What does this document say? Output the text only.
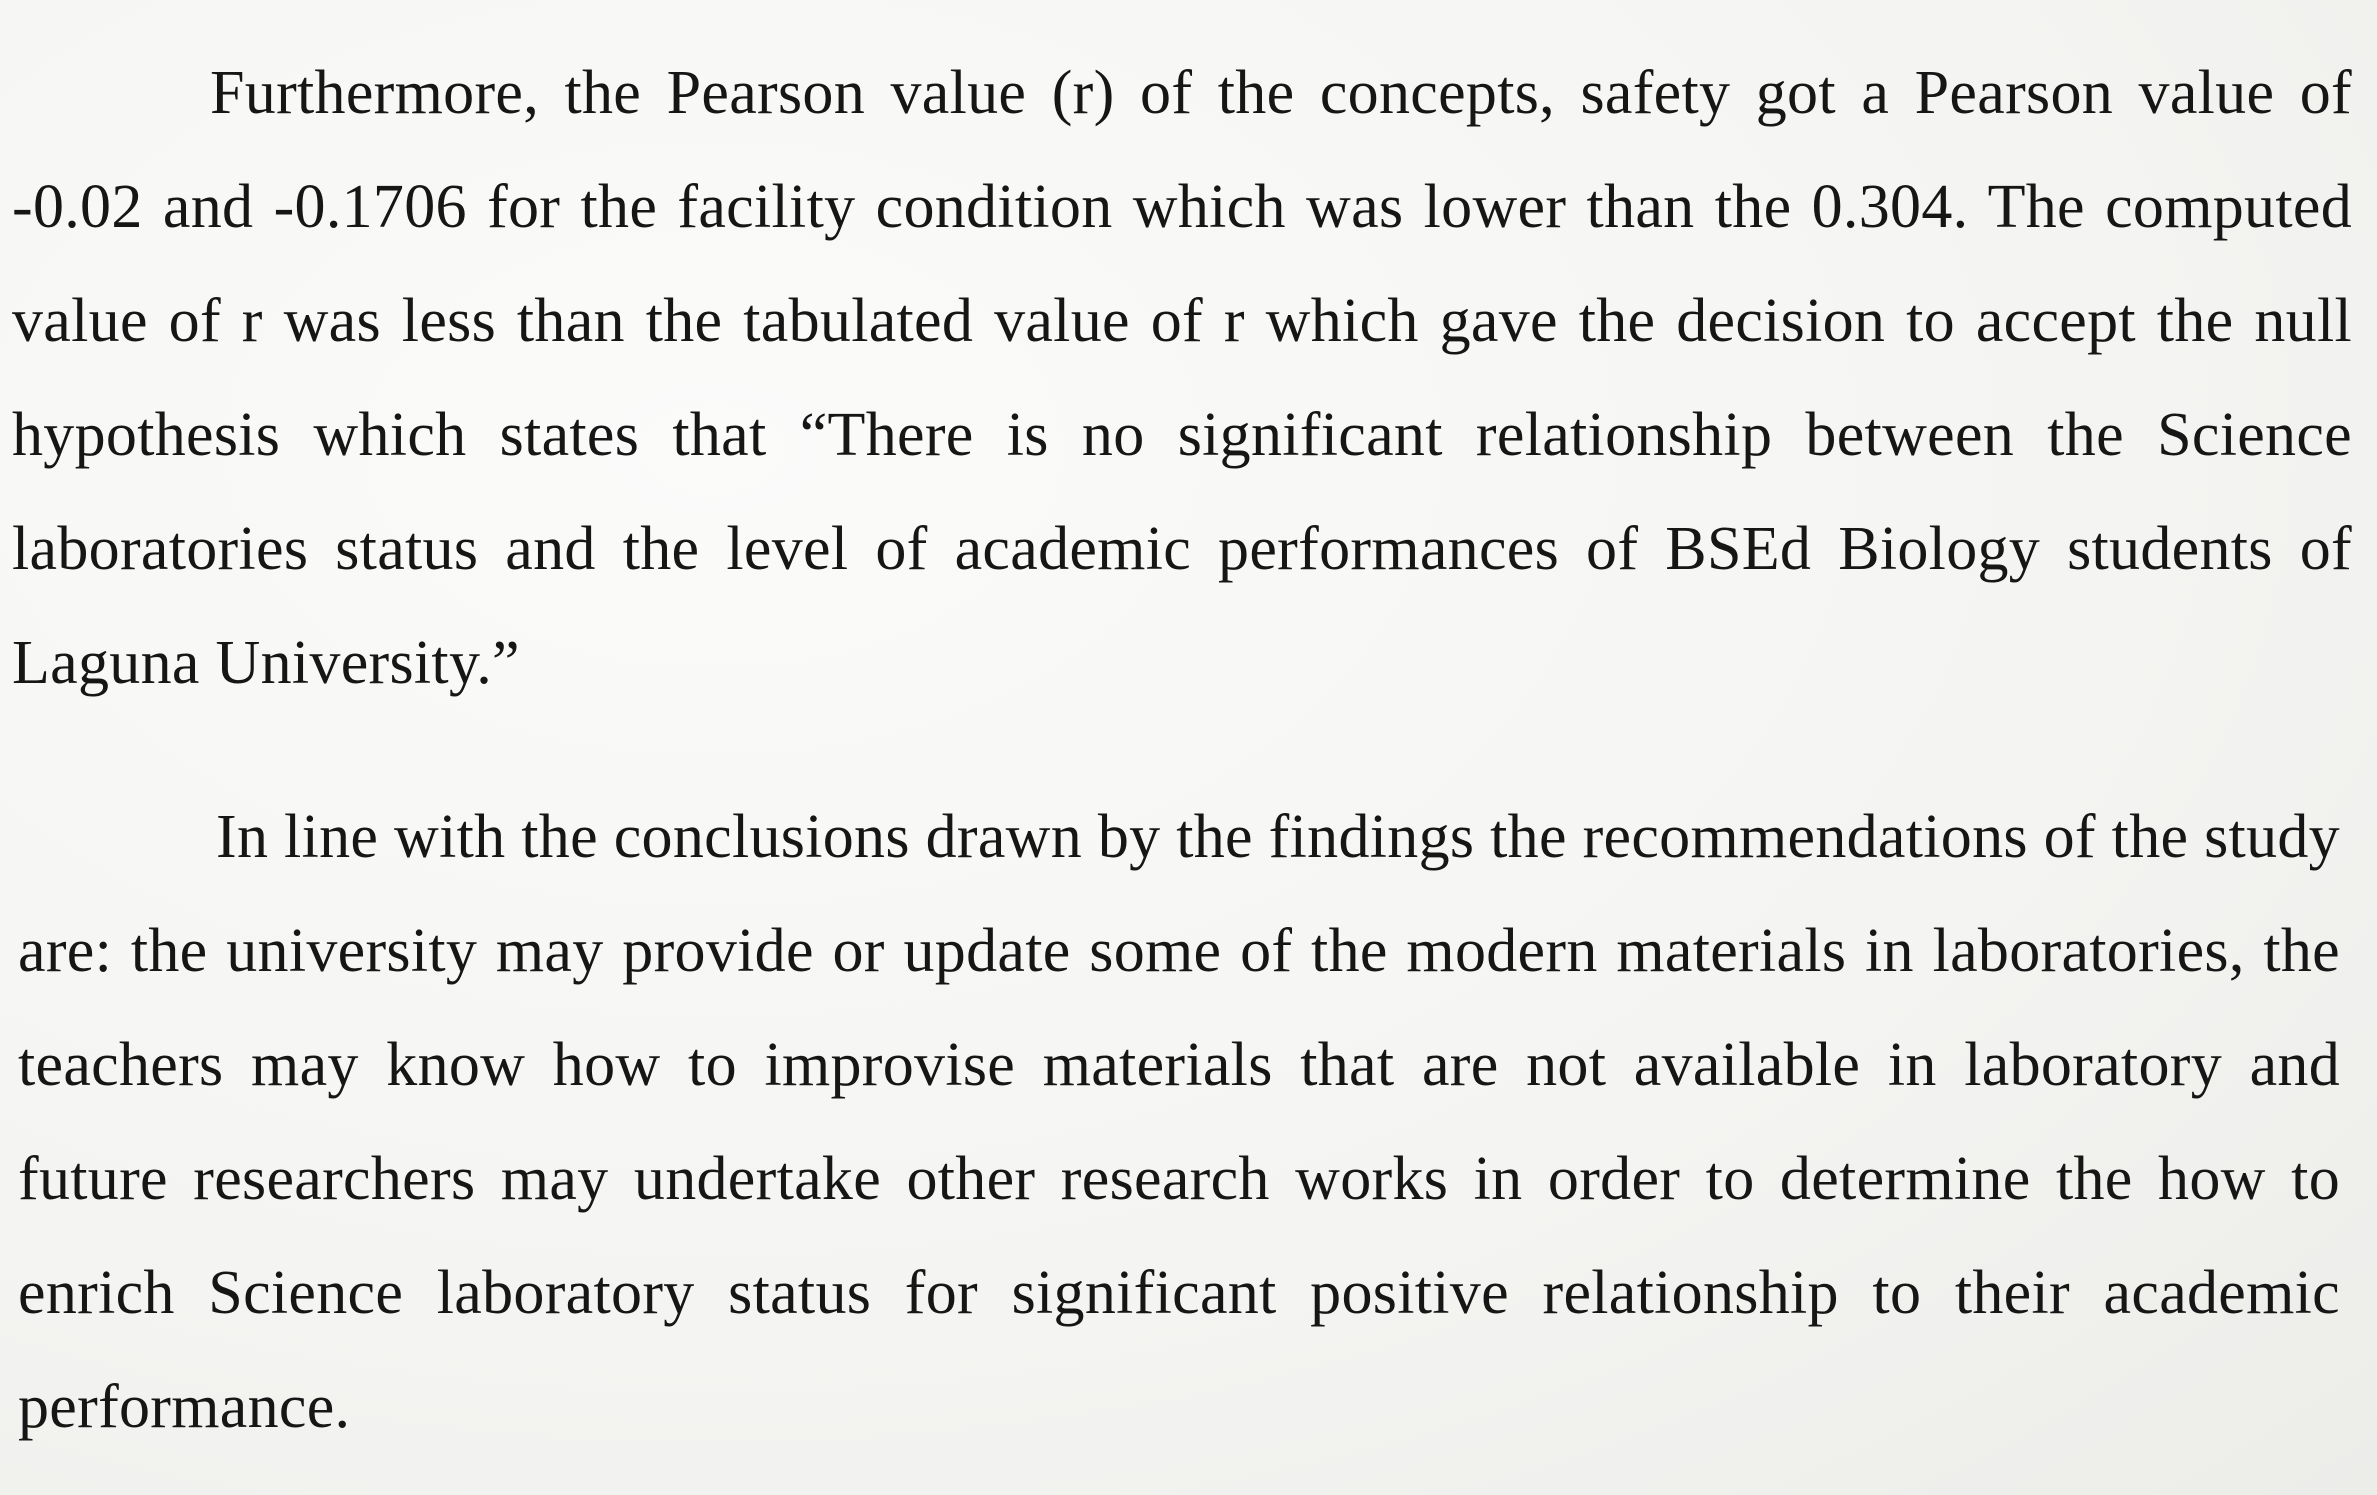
Furthermore, the Pearson value (r) of the concepts, safety got a Pearson value of -0.02 and -0.1706 for the facility condition which was lower than the 0.304. The computed value of r was less than the tabulated value of r which gave the decision to accept the null hypothesis which states that “There is no significant relationship between the Science laboratories status and the level of academic performances of BSEd Biology students of Laguna University.”

In line with the conclusions drawn by the findings the recommendations of the study are: the university may provide or update some of the modern materials in laboratories, the teachers may know how to improvise materials that are not available in laboratory and future researchers may undertake other research works in order to determine the how to enrich Science laboratory status for significant positive relationship to their academic performance.
